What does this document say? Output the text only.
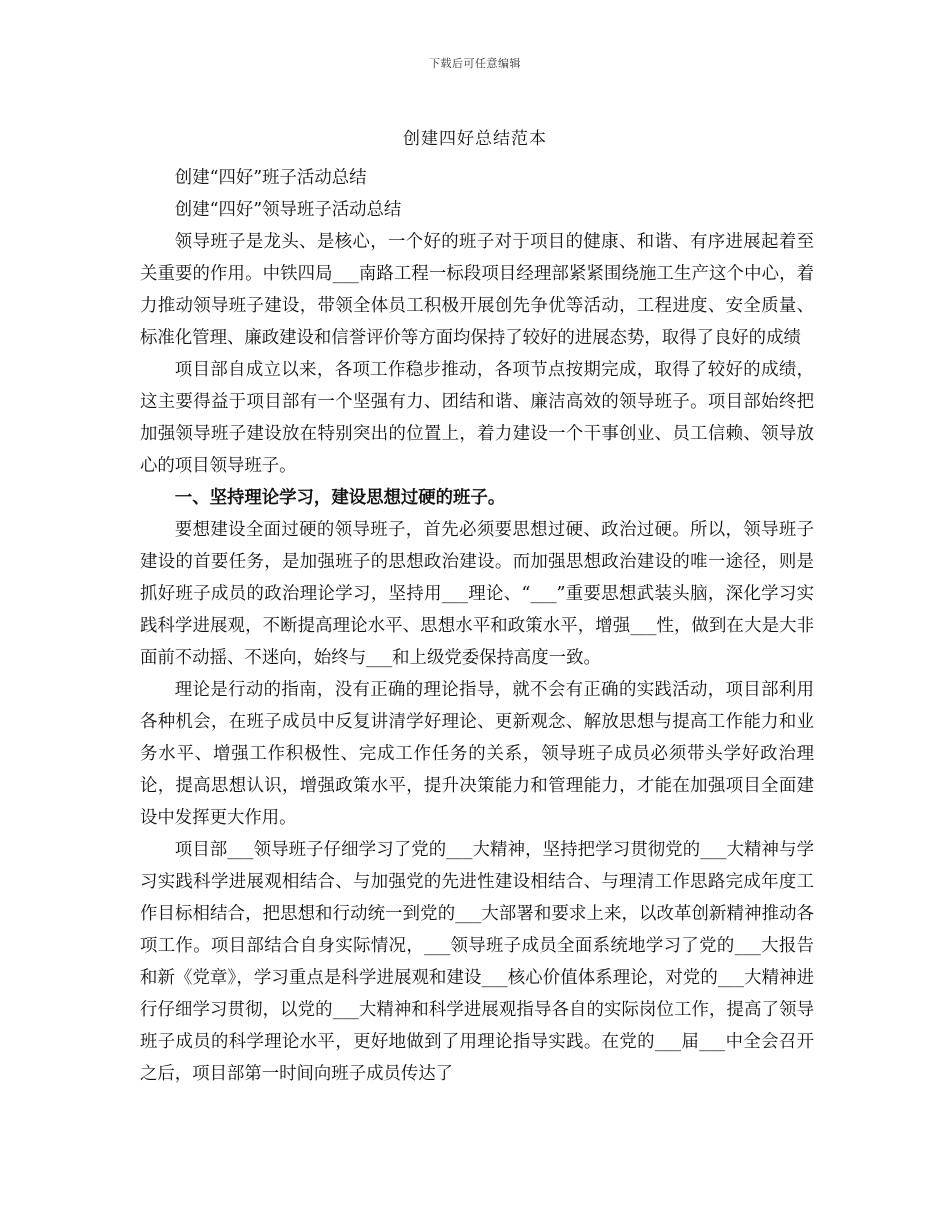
下载后可任意编辑
创建四好总结范本

创建“四好”班子活动总结

创建“四好”领导班子活动总结

领导班子是龙头、是核心，一个好的班子对于项目的健康、和谐、有序进展起着至关重要的作用。中铁四局___南路工程一标段项目经理部紧紧围绕施工生产这个中心，着力推动领导班子建设，带领全体员工积极开展创先争优等活动，工程进度、安全质量、标准化管理、廉政建设和信誉评价等方面均保持了较好的进展态势，取得了良好的成绩

项目部自成立以来，各项工作稳步推动，各项节点按期完成，取得了较好的成绩，这主要得益于项目部有一个坚强有力、团结和谐、廉洁高效的领导班子。项目部始终把加强领导班子建设放在特别突出的位置上，着力建设一个干事创业、员工信赖、领导放心的项目领导班子。

一、坚持理论学习，建设思想过硬的班子。

要想建设全面过硬的领导班子，首先必须要思想过硬、政治过硬。所以，领导班子建设的首要任务，是加强班子的思想政治建设。而加强思想政治建设的唯一途径，则是抓好班子成员的政治理论学习，坚持用___理论、“___”重要思想武装头脑，深化学习实践科学进展观，不断提高理论水平、思想水平和政策水平，增强___性，做到在大是大非面前不动摇、不迷向，始终与___和上级党委保持高度一致。

理论是行动的指南，没有正确的理论指导，就不会有正确的实践活动，项目部利用各种机会，在班子成员中反复讲清学好理论、更新观念、解放思想与提高工作能力和业务水平、增强工作积极性、完成工作任务的关系，领导班子成员必须带头学好政治理论，提高思想认识，增强政策水平，提升决策能力和管理能力，才能在加强项目全面建设中发挥更大作用。

项目部___领导班子仔细学习了党的___大精神，坚持把学习贯彻党的___大精神与学习实践科学进展观相结合、与加强党的先进性建设相结合、与理清工作思路完成年度工作目标相结合，把思想和行动统一到党的___大部署和要求上来，以改革创新精神推动各项工作。项目部结合自身实际情况，___领导班子成员全面系统地学习了党的___大报告和新《党章》，学习重点是科学进展观和建设___核心价值体系理论，对党的___大精神进行仔细学习贯彻，以党的___大精神和科学进展观指导各自的实际岗位工作，提高了领导班子成员的科学理论水平，更好地做到了用理论指导实践。在党的___届___中全会召开之后，项目部第一时间向班子成员传达了
